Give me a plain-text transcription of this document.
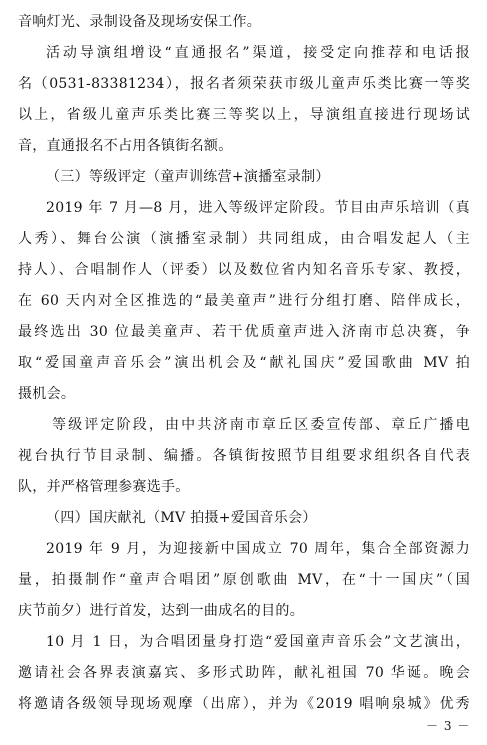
音响灯光、录制设备及现场安保工作。
活动导演组增设“直通报名”渠道，接受定向推荐和电话报
名（0531-83381234），报名者须荣获市级儿童声乐类比赛一等奖
以上，省级儿童声乐类比赛三等奖以上，导演组直接进行现场试
音，直通报名不占用各镇街名额。
（三）等级评定（童声训练营+演播室录制）
2019 年 7 月—8 月，进入等级评定阶段。节目由声乐培训（真
人秀）、舞台公演（演播室录制）共同组成，由合唱发起人（主
持人）、合唱制作人（评委）以及数位省内知名音乐专家、教授，
在 60 天内对全区推选的“最美童声”进行分组打磨、陪伴成长，
最终选出 30 位最美童声、若干优质童声进入济南市总决赛，争
取“爱国童声音乐会”演出机会及“献礼国庆”爱国歌曲 MV 拍
摄机会。
等级评定阶段，由中共济南市章丘区委宣传部、章丘广播电
视台执行节目录制、编播。各镇街按照节目组要求组织各自代表
队，并严格管理参赛选手。
（四）国庆献礼（MV 拍摄+爱国音乐会）
2019 年 9 月，为迎接新中国成立 70 周年，集合全部资源力
量，拍摄制作“童声合唱团”原创歌曲 MV，在“十一国庆”（国
庆节前夕）进行首发，达到一曲成名的目的。
10 月 1 日，为合唱团量身打造“爱国童声音乐会”文艺演出，
邀请社会各界表演嘉宾、多形式助阵，献礼祖国 70 华诞。晚会
将邀请各级领导现场观摩（出席），并为《2019 唱响泉城》优秀
－ 3 －
